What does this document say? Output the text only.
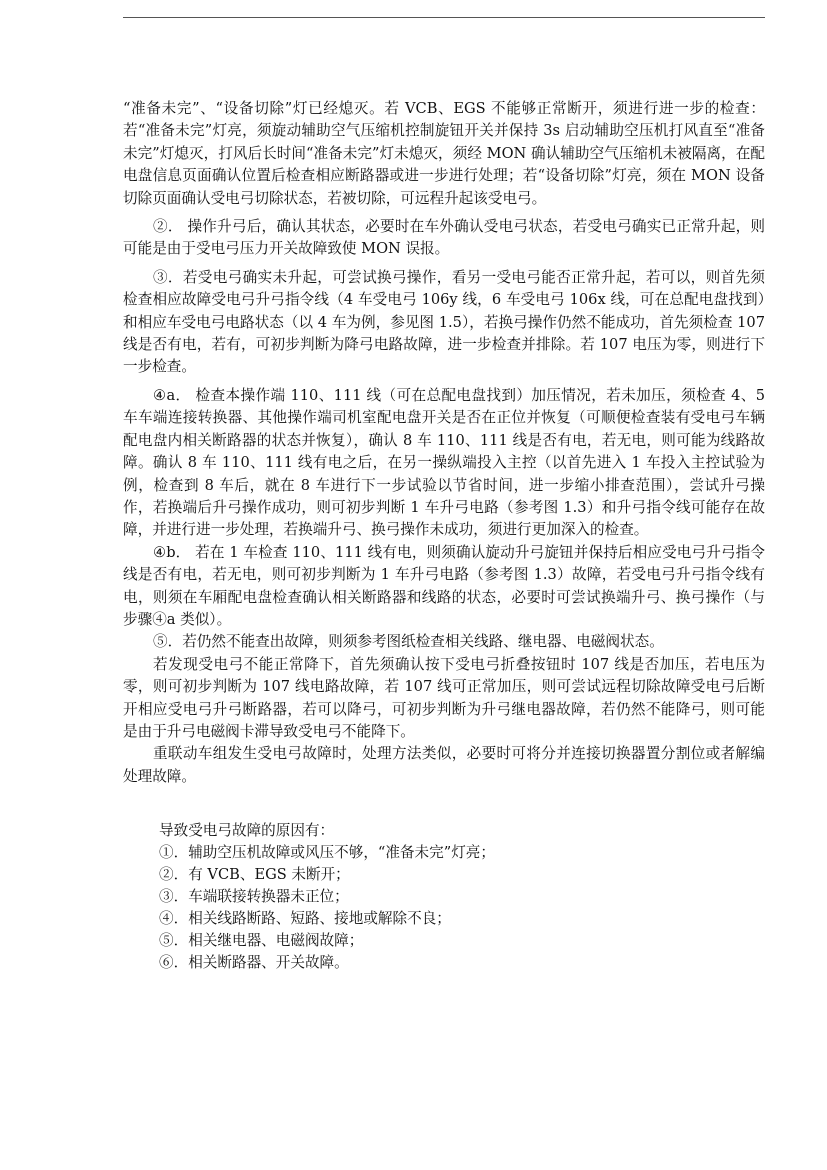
“准备未完”、“设备切除”灯已经熄灭。若 VCB、EGS 不能够正常断开，须进行进一步的检查：若“准备未完”灯亮，须旋动辅助空气压缩机控制旋钮开关并保持 3s 启动辅助空压机打风直至“准备未完”灯熄灭，打风后长时间“准备未完”灯未熄灭，须经 MON 确认辅助空气压缩机未被隔离，在配电盘信息页面确认位置后检查相应断路器或进一步进行处理；若“设备切除”灯亮，须在 MON 设备切除页面确认受电弓切除状态，若被切除，可远程升起该受电弓。

②． 操作升弓后，确认其状态，必要时在车外确认受电弓状态，若受电弓确实已正常升起，则可能是由于受电弓压力开关故障致使 MON 误报。

③．若受电弓确实未升起，可尝试换弓操作，看另一受电弓能否正常升起，若可以，则首先须检查相应故障受电弓升弓指令线（4 车受电弓 106y 线，6 车受电弓 106x 线，可在总配电盘找到）和相应车受电弓电路状态（以 4 车为例，参见图 1.5），若换弓操作仍然不能成功，首先须检查 107 线是否有电，若有，可初步判断为降弓电路故障，进一步检查并排除。若 107 电压为零，则进行下一步检查。

④a． 检查本操作端 110、111 线（可在总配电盘找到）加压情况，若未加压，须检查 4、5 车车端连接转换器、其他操作端司机室配电盘开关是否在正位并恢复（可顺便检查装有受电弓车辆配电盘内相关断路器的状态并恢复），确认 8 车 110、111 线是否有电，若无电，则可能为线路故障。确认 8 车 110、111 线有电之后，在另一操纵端投入主控（以首先进入 1 车投入主控试验为例，检查到 8 车后，就在 8 车进行下一步试验以节省时间，进一步缩小排查范围），尝试升弓操作，若换端后升弓操作成功，则可初步判断 1 车升弓电路（参考图 1.3）和升弓指令线可能存在故障，并进行进一步处理，若换端升弓、换弓操作未成功，须进行更加深入的检查。

④b． 若在 1 车检查 110、111 线有电，则须确认旋动升弓旋钮并保持后相应受电弓升弓指令线是否有电，若无电，则可初步判断为 1 车升弓电路（参考图 1.3）故障，若受电弓升弓指令线有电，则须在车厢配电盘检查确认相关断路器和线路的状态，必要时可尝试换端升弓、换弓操作（与步骤④a 类似）。

⑤．若仍然不能查出故障，则须参考图纸检查相关线路、继电器、电磁阀状态。

若发现受电弓不能正常降下，首先须确认按下受电弓折叠按钮时 107 线是否加压，若电压为零，则可初步判断为 107 线电路故障，若 107 线可正常加压，则可尝试远程切除故障受电弓后断开相应受电弓升弓断路器，若可以降弓，可初步判断为升弓继电器故障，若仍然不能降弓，则可能是由于升弓电磁阀卡滞导致受电弓不能降下。

重联动车组发生受电弓故障时，处理方法类似，必要时可将分并连接切换器置分割位或者解编处理故障。

导致受电弓故障的原因有：

①．辅助空压机故障或风压不够，“准备未完”灯亮；

②．有 VCB、EGS 未断开；

③．车端联接转换器未正位；

④．相关线路断路、短路、接地或解除不良；

⑤．相关继电器、电磁阀故障；

⑥．相关断路器、开关故障。
